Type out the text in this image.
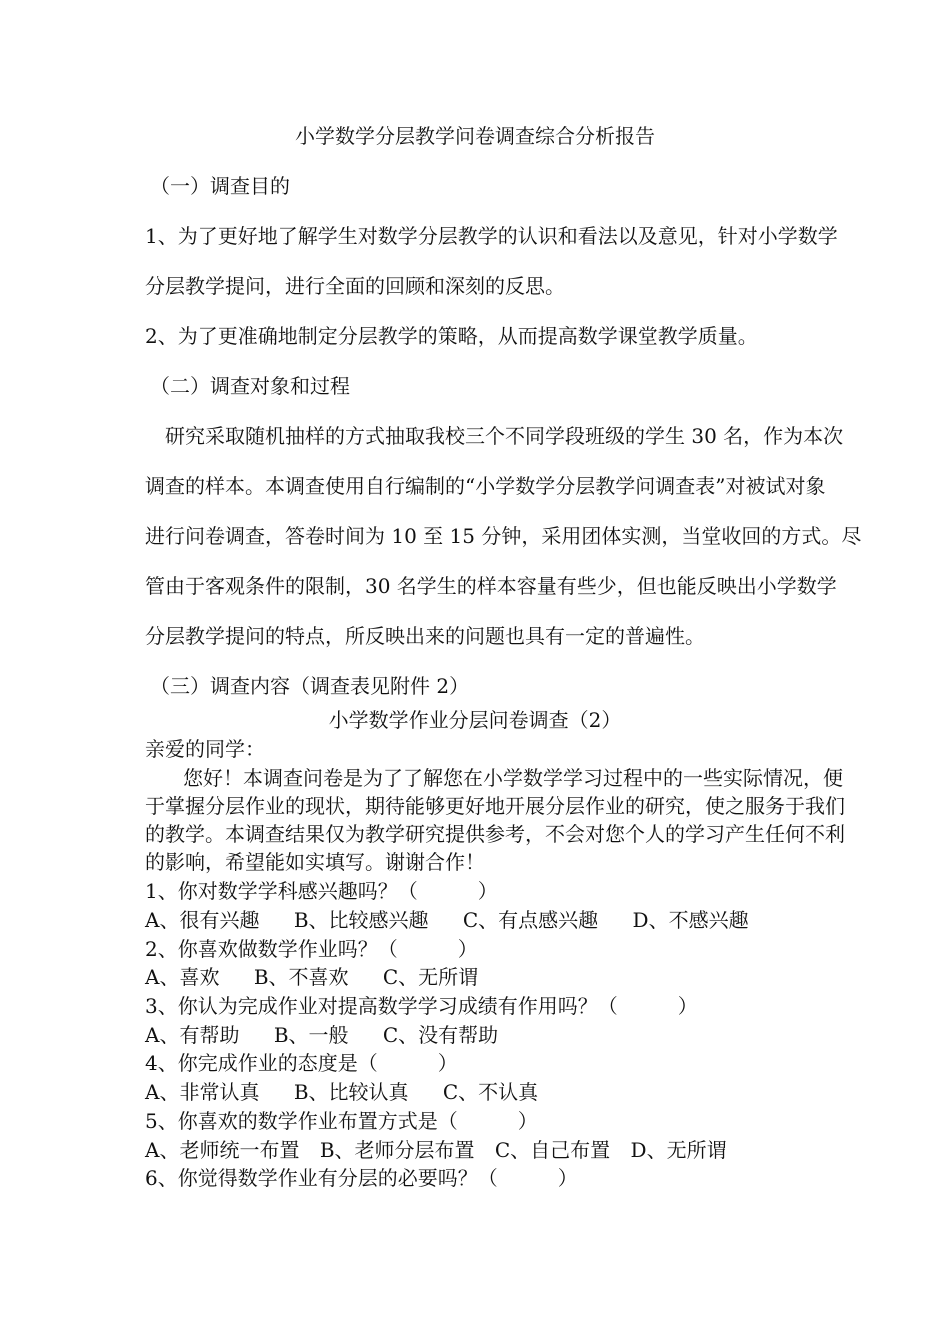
小学数学分层教学问卷调查综合分析报告
（一）调查目的
1、为了更好地了解学生对数学分层教学的认识和看法以及意见，针对小学数学
分层教学提问，进行全面的回顾和深刻的反思。
2、为了更准确地制定分层教学的策略，从而提高数学课堂教学质量。
（二）调查对象和过程
研究采取随机抽样的方式抽取我校三个不同学段班级的学生 30 名，作为本次
调查的样本。本调查使用自行编制的“小学数学分层教学问调查表”对被试对象
进行问卷调查，答卷时间为 10 至 15 分钟，采用团体实测，当堂收回的方式。尽
管由于客观条件的限制，30 名学生的样本容量有些少，但也能反映出小学数学
分层教学提问的特点，所反映出来的问题也具有一定的普遍性。
（三）调查内容（调查表见附件 2）
小学数学作业分层问卷调查（2）
亲爱的同学：
您好！本调查问卷是为了了解您在小学数学学习过程中的一些实际情况，便
于掌握分层作业的现状，期待能够更好地开展分层作业的研究，使之服务于我们
的教学。本调查结果仅为教学研究提供参考，不会对您个人的学习产生任何不利
的影响，希望能如实填写。谢谢合作！
1、你对数学学科感兴趣吗？（　　　）
A、很有兴趣 B、比较感兴趣 C、有点感兴趣 D、不感兴趣
2、你喜欢做数学作业吗？（　　　）
A、喜欢 B、不喜欢 C、无所谓
3、你认为完成作业对提高数学学习成绩有作用吗？（　　　）
A、有帮助 B、一般 C、没有帮助
4、你完成作业的态度是（　　　）
A、非常认真 B、比较认真 C、不认真
5、你喜欢的数学作业布置方式是（　　　）
A、老师统一布置 B、老师分层布置 C、自己布置 D、无所谓
6、你觉得数学作业有分层的必要吗？（　　　）
